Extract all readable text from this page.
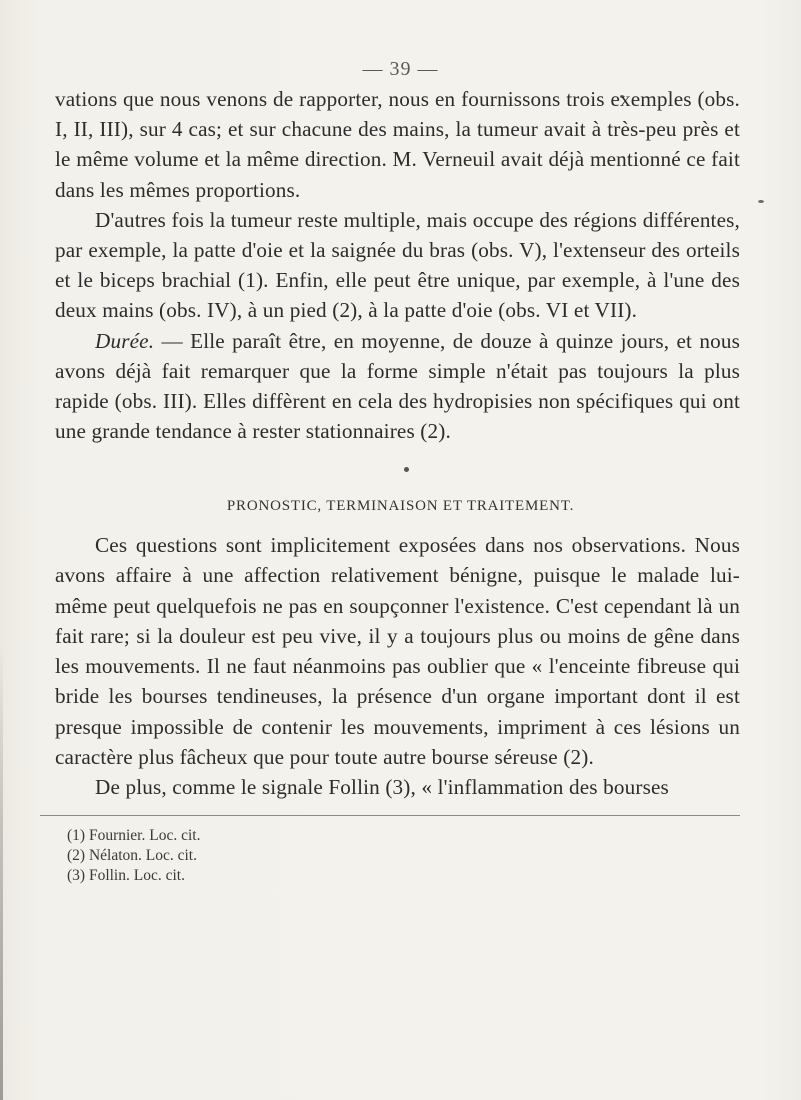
— 39 —

vations que nous venons de rapporter, nous en fournissons trois exemples (obs. I, II, III), sur 4 cas; et sur chacune des mains, la tumeur avait à très-peu près et le même volume et la même direction. M. Verneuil avait déjà mentionné ce fait dans les mêmes proportions.

D'autres fois la tumeur reste multiple, mais occupe des régions différentes, par exemple, la patte d'oie et la saignée du bras (obs. V), l'extenseur des orteils et le biceps brachial (1). Enfin, elle peut être unique, par exemple, à l'une des deux mains (obs. IV), à un pied (2), à la patte d'oie (obs. VI et VII).

Durée. — Elle paraît être, en moyenne, de douze à quinze jours, et nous avons déjà fait remarquer que la forme simple n'était pas toujours la plus rapide (obs. III). Elles diffèrent en cela des hydropisies non spécifiques qui ont une grande tendance à rester stationnaires (2).

PRONOSTIC, TERMINAISON ET TRAITEMENT.

Ces questions sont implicitement exposées dans nos observations. Nous avons affaire à une affection relativement bénigne, puisque le malade lui-même peut quelquefois ne pas en soupçonner l'existence. C'est cependant là un fait rare; si la douleur est peu vive, il y a toujours plus ou moins de gêne dans les mouvements. Il ne faut néanmoins pas oublier que « l'enceinte fibreuse qui bride les bourses tendineuses, la présence d'un organe important dont il est presque impossible de contenir les mouvements, impriment à ces lésions un caractère plus fâcheux que pour toute autre bourse séreuse (2).

De plus, comme le signale Follin (3), « l'inflammation des bourses

(1) Fournier. Loc. cit.
(2) Nélaton. Loc. cit.
(3) Follin. Loc. cit.
